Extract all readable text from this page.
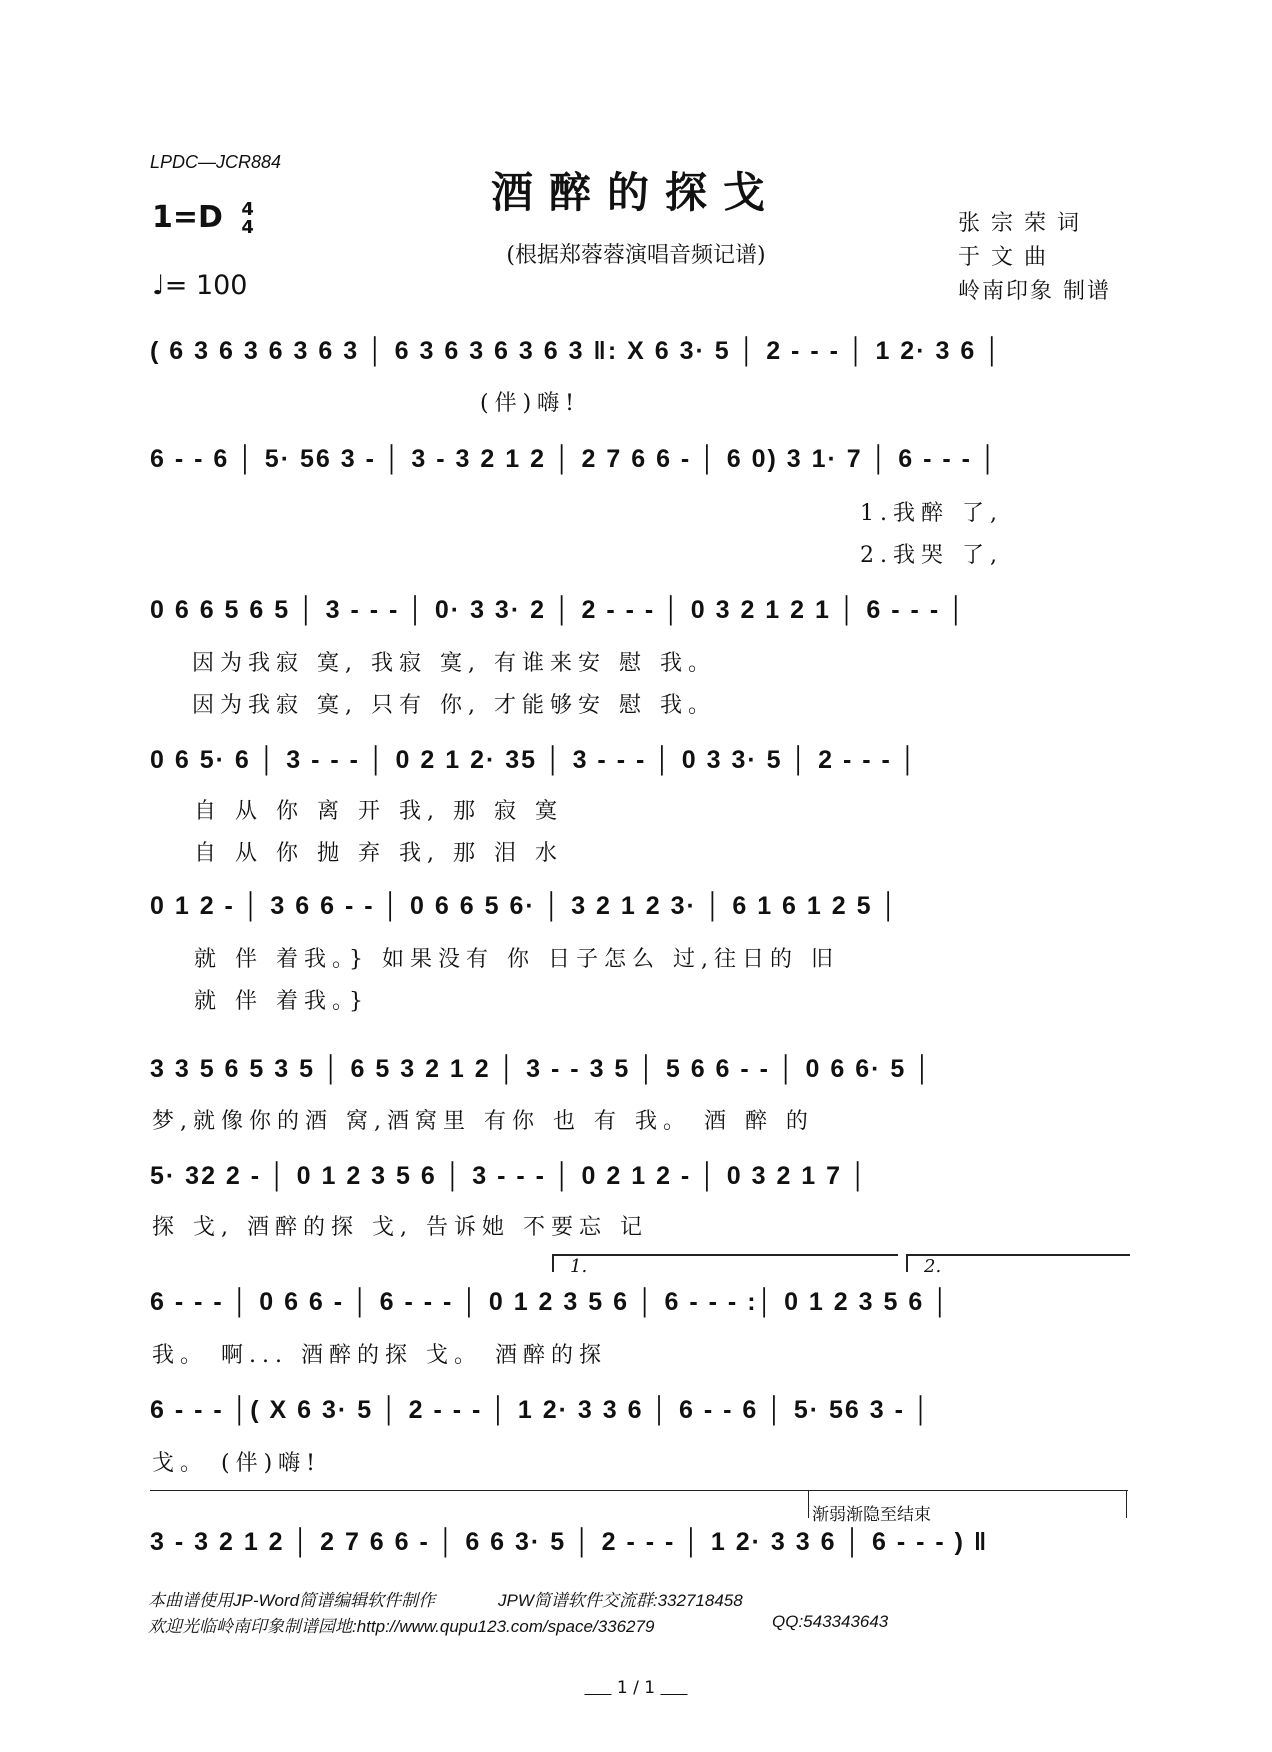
LPDC—JCR884
酒醉的探戈
(根据郑蓉蓉演唱音频记谱)
1=D 4
4
♩= 100
张 宗 荣 词
于 文 曲
岭南印象 制谱
( 6 3 6 3 6 3 6 3 │ 6 3 6 3 6 3 6 3 ‖: X 6 3· 5 │ 2 - - - │ 1 2· 3 6 │
(伴)嗨!
6 - - 6 │ 5· 56 3 - │ 3 - 3 2 1 2 │ 2 7 6 6 - │ 6 0) 3 1· 7 │ 6 - - - │
1.我醉 了,
2.我哭 了,
0 6 6 5 6 5 │ 3 - - - │ 0· 3 3· 2 │ 2 - - - │ 0 3 2 1 2 1 │ 6 - - - │
因为我寂 寞, 我寂 寞, 有谁来安 慰 我。
因为我寂 寞, 只有 你, 才能够安 慰 我。
0 6 5· 6 │ 3 - - - │ 0 2 1 2· 35 │ 3 - - - │ 0 3 3· 5 │ 2 - - - │
自 从 你 离 开 我, 那 寂 寞
自 从 你 抛 弃 我, 那 泪 水
0 1 2 - │ 3 6 6 - - │ 0 6 6 5 6· │ 3 2 1 2 3· │ 6 1 6 1 2 5 │
就 伴 着我。} 如果没有 你 日子怎么 过,往日的 旧
就 伴 着我。}
3 3 5 6 5 3 5 │ 6 5 3 2 1 2 │ 3 - - 3 5 │ 5 6 6 - - │ 0 6 6· 5 │
梦,就像你的酒 窝,酒窝里 有你 也 有 我。 酒 醉 的
5· 32 2 - │ 0 1 2 3 5 6 │ 3 - - - │ 0 2 1 2 - │ 0 3 2 1 7 │
探 戈, 酒醉的探 戈, 告诉她 不要忘 记
1.	2.
6 - - - │ 0 6 6 - │ 6 - - - │ 0 1 2 3 5 6 │ 6 - - - :│ 0 1 2 3 5 6 │
我。 啊... 酒醉的探 戈。 酒醉的探
6 - - - │( X 6 3· 5 │ 2 - - - │ 1 2· 3 3 6 │ 6 - - 6 │ 5· 56 3 - │
戈。 (伴)嗨!
渐弱渐隐至结束
3 - 3 2 1 2 │ 2 7 6 6 - │ 6 6 3· 5 │ 2 - - - │ 1 2· 3 3 6 │ 6 - - - ) ‖
本曲谱使用JP-Word简谱编辑软件制作	JPW简谱软件交流群:332718458
欢迎光临岭南印象制谱园地:http://www.qupu123.com/space/336279	QQ:543343643
1 / 1
